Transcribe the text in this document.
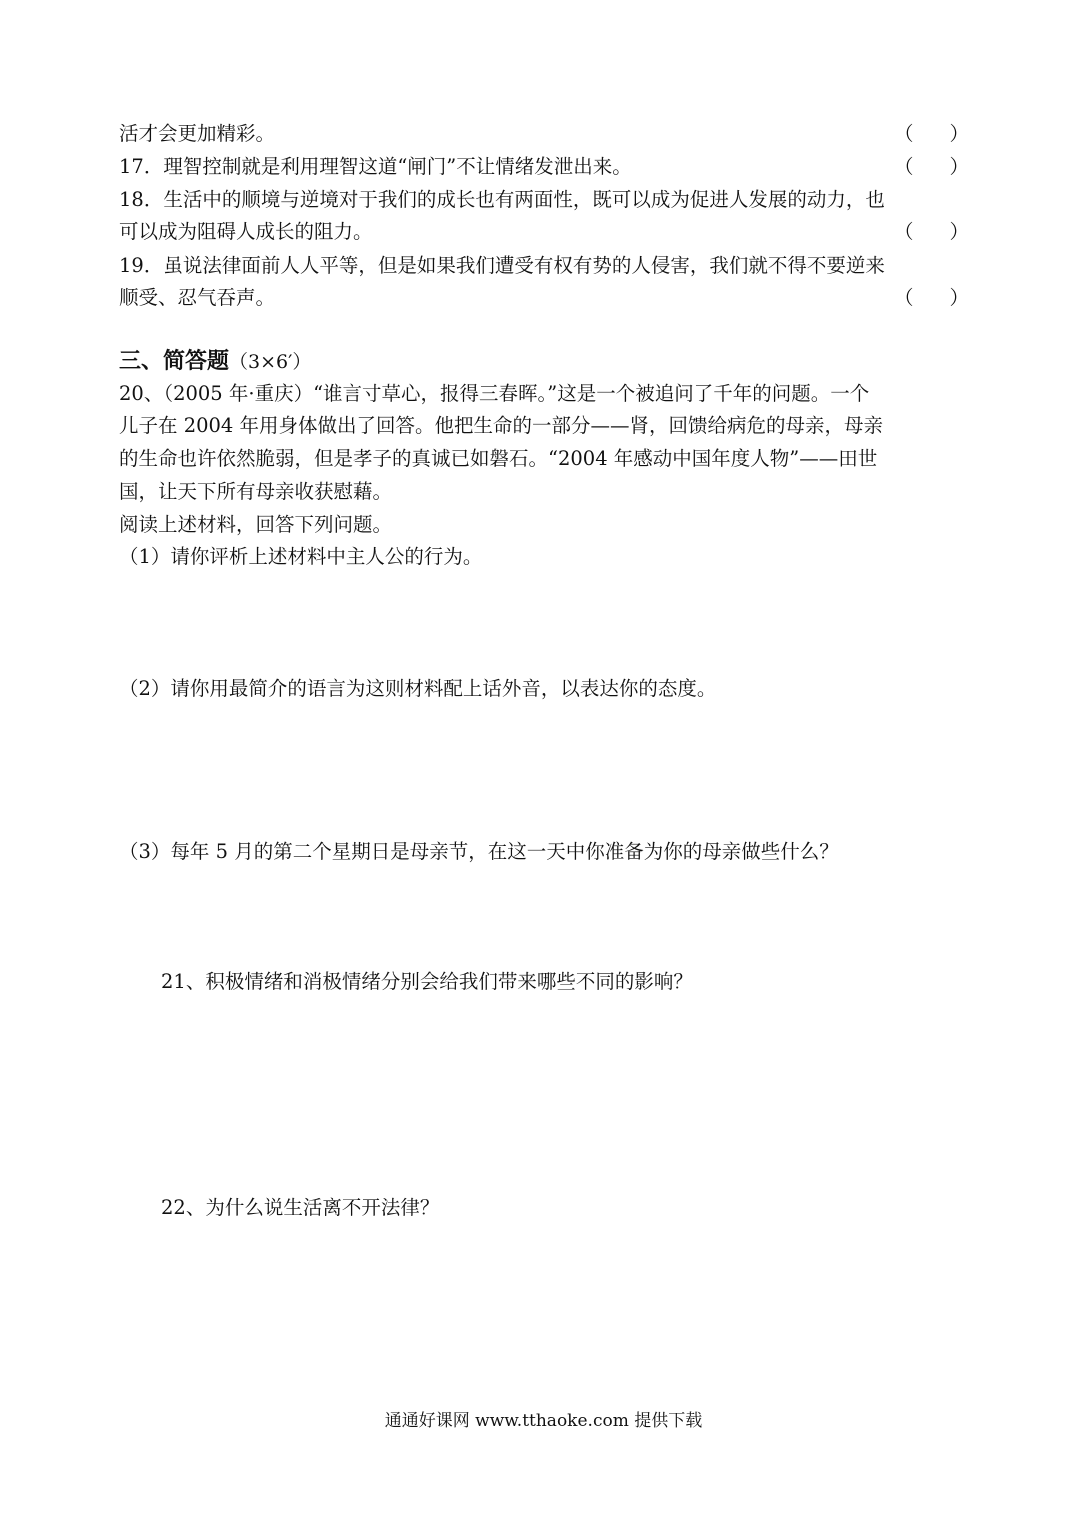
活才会更加精彩。	（ ）
17．理智控制就是利用理智这道“闸门”不让情绪发泄出来。	（ ）
18．生活中的顺境与逆境对于我们的成长也有两面性，既可以成为促进人发展的动力，也
可以成为阻碍人成长的阻力。	（ ）
19．虽说法律面前人人平等，但是如果我们遭受有权有势的人侵害，我们就不得不要逆来
顺受、忍气吞声。	（ ）
三、简答题（3×6′）
20、（2005 年·重庆）“谁言寸草心，报得三春晖。”这是一个被追问了千年的问题。一个
儿子在 2004 年用身体做出了回答。他把生命的一部分——肾，回馈给病危的母亲，母亲
的生命也许依然脆弱，但是孝子的真诚已如磐石。“2004 年感动中国年度人物”——田世
国，让天下所有母亲收获慰藉。
阅读上述材料，回答下列问题。
（1）请你评析上述材料中主人公的行为。
（2）请你用最简介的语言为这则材料配上话外音，以表达你的态度。
（3）每年 5 月的第二个星期日是母亲节，在这一天中你准备为你的母亲做些什么？
21、积极情绪和消极情绪分别会给我们带来哪些不同的影响？
22、为什么说生活离不开法律？
通通好课网 www.tthaoke.com 提供下载
